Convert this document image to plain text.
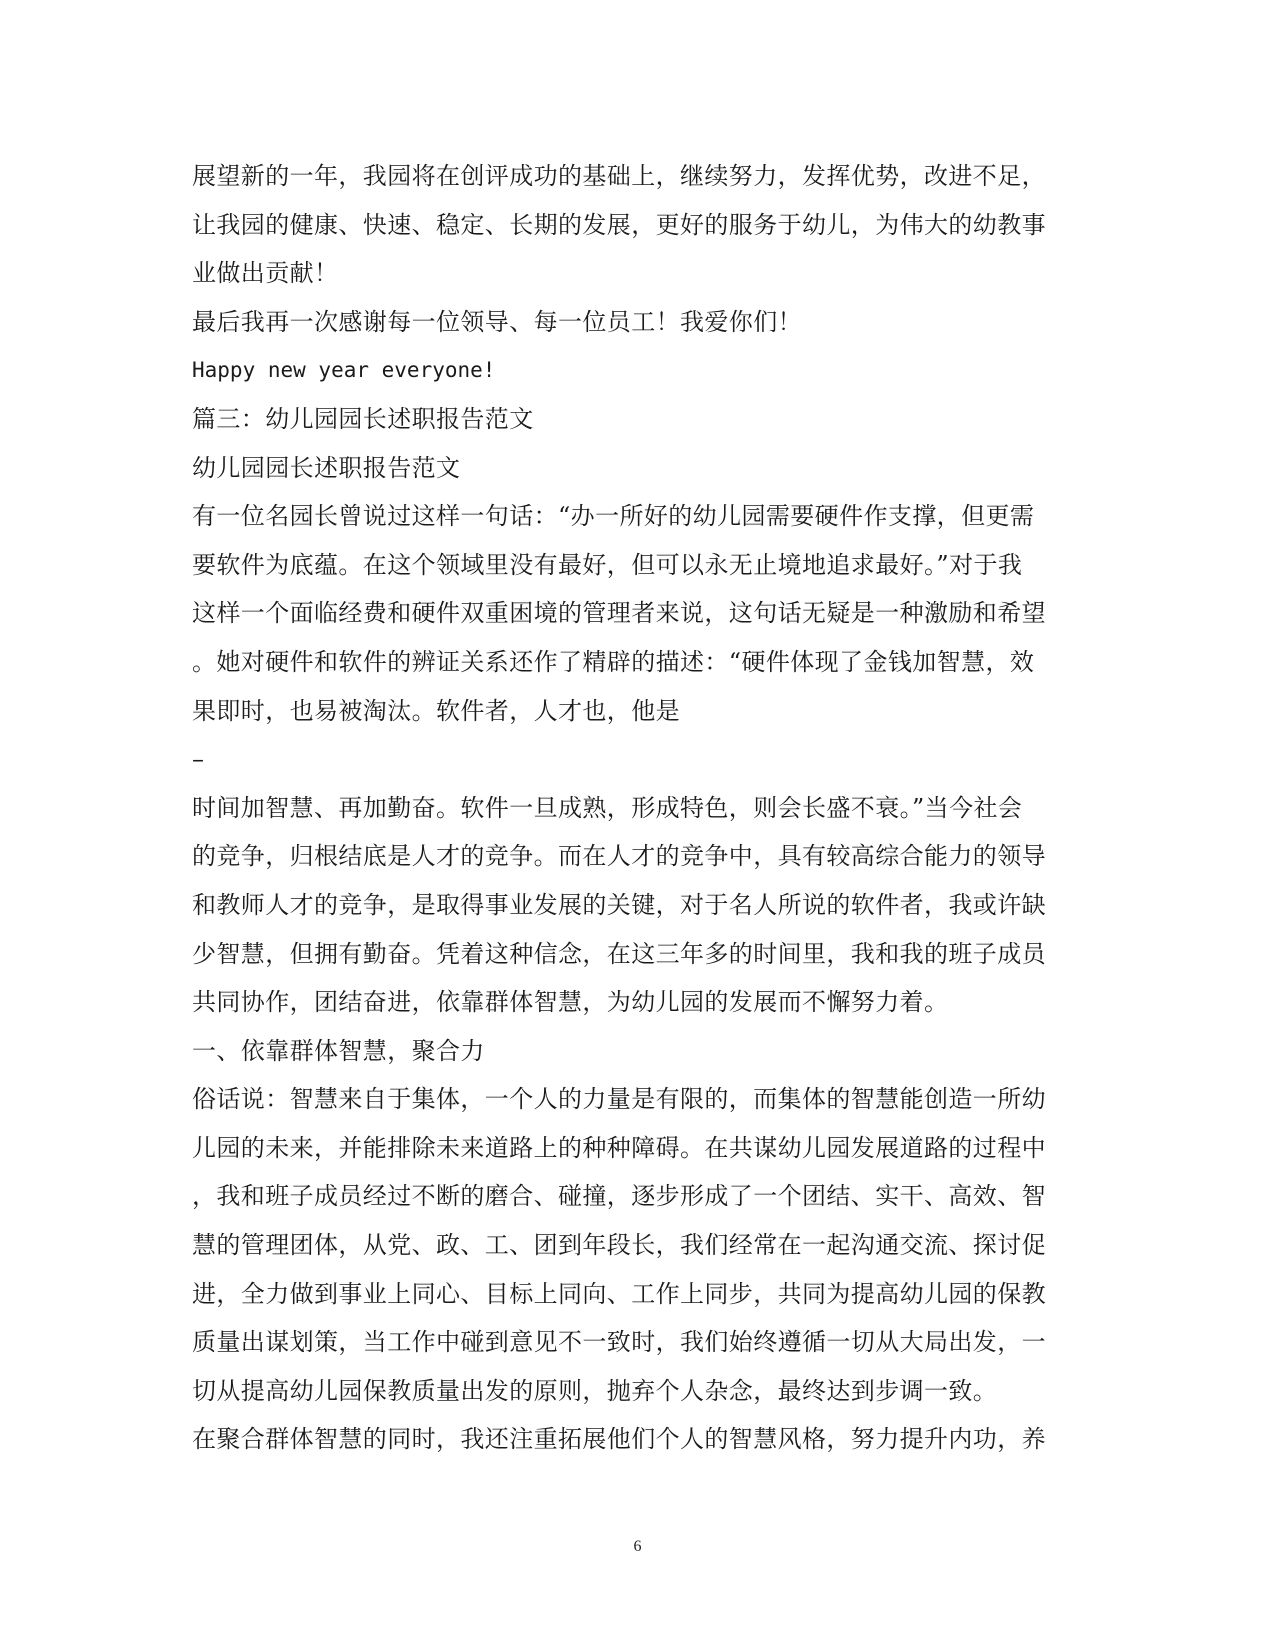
展望新的一年，我园将在创评成功的基础上，继续努力，发挥优势，改进不足，
让我园的健康、快速、稳定、长期的发展，更好的服务于幼儿，为伟大的幼教事
业做出贡献！
最后我再一次感谢每一位领导、每一位员工！我爱你们！
Happy new year everyone!
篇三：幼儿园园长述职报告范文
幼儿园园长述职报告范文
有一位名园长曾说过这样一句话：“办一所好的幼儿园需要硬件作支撑，但更需
要软件为底蕴。在这个领域里没有最好，但可以永无止境地追求最好。”对于我
这样一个面临经费和硬件双重困境的管理者来说，这句话无疑是一种激励和希望
。她对硬件和软件的辨证关系还作了精辟的描述：“硬件体现了金钱加智慧，效
果即时，也易被淘汰。软件者，人才也，他是
–
时间加智慧、再加勤奋。软件一旦成熟，形成特色，则会长盛不衰。”当今社会
的竞争，归根结底是人才的竞争。而在人才的竞争中，具有较高综合能力的领导
和教师人才的竞争，是取得事业发展的关键，对于名人所说的软件者，我或许缺
少智慧，但拥有勤奋。凭着这种信念，在这三年多的时间里，我和我的班子成员
共同协作，团结奋进，依靠群体智慧，为幼儿园的发展而不懈努力着。
一、依靠群体智慧，聚合力
俗话说：智慧来自于集体，一个人的力量是有限的，而集体的智慧能创造一所幼
儿园的未来，并能排除未来道路上的种种障碍。在共谋幼儿园发展道路的过程中
，我和班子成员经过不断的磨合、碰撞，逐步形成了一个团结、实干、高效、智
慧的管理团体，从党、政、工、团到年段长，我们经常在一起沟通交流、探讨促
进，全力做到事业上同心、目标上同向、工作上同步，共同为提高幼儿园的保教
质量出谋划策，当工作中碰到意见不一致时，我们始终遵循一切从大局出发，一
切从提高幼儿园保教质量出发的原则，抛弃个人杂念，最终达到步调一致。
在聚合群体智慧的同时，我还注重拓展他们个人的智慧风格，努力提升内功，养
6
